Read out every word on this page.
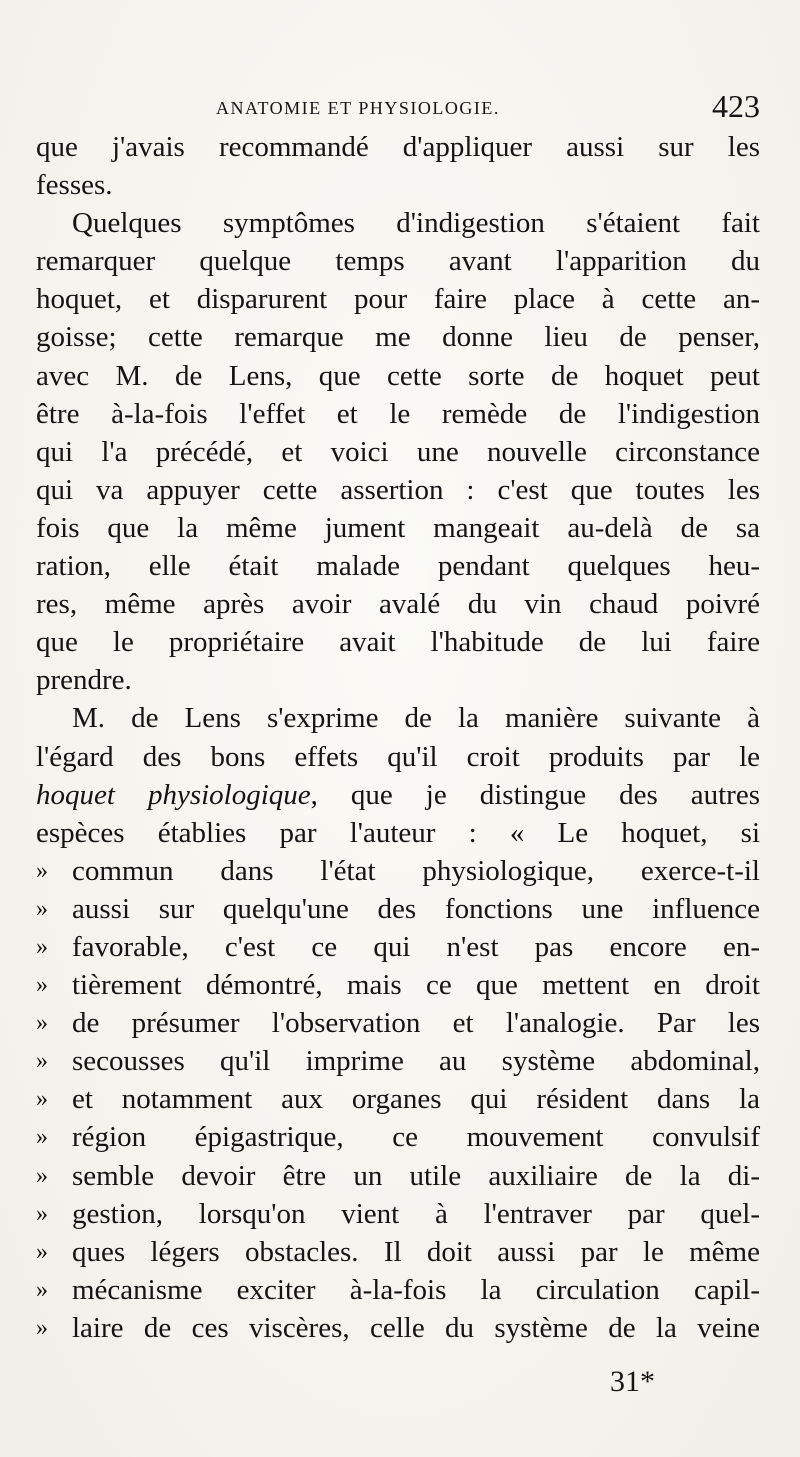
ANATOMIE ET PHYSIOLOGIE.	423
que j'avais recommandé d'appliquer aussi sur les
fesses.
Quelques symptômes d'indigestion s'étaient fait
remarquer quelque temps avant l'apparition du
hoquet, et disparurent pour faire place à cette an-
goisse; cette remarque me donne lieu de penser,
avec M. de Lens, que cette sorte de hoquet peut
être à-la-fois l'effet et le remède de l'indigestion
qui l'a précédé, et voici une nouvelle circonstance
qui va appuyer cette assertion : c'est que toutes les
fois que la même jument mangeait au-delà de sa
ration, elle était malade pendant quelques heu-
res, même après avoir avalé du vin chaud poivré
que le propriétaire avait l'habitude de lui faire
prendre.
M. de Lens s'exprime de la manière suivante à
l'égard des bons effets qu'il croit produits par le
hoquet physiologique, que je distingue des autres
espèces établies par l'auteur : « Le hoquet, si
» commun dans l'état physiologique, exerce-t-il
» aussi sur quelqu'une des fonctions une influence
» favorable, c'est ce qui n'est pas encore en-
» tièrement démontré, mais ce que mettent en droit
» de présumer l'observation et l'analogie. Par les
» secousses qu'il imprime au système abdominal,
» et notamment aux organes qui résident dans la
» région épigastrique, ce mouvement convulsif
» semble devoir être un utile auxiliaire de la di-
» gestion, lorsqu'on vient à l'entraver par quel-
» ques légers obstacles. Il doit aussi par le même
» mécanisme exciter à-la-fois la circulation capil-
» laire de ces viscères, celle du système de la veine
31*
